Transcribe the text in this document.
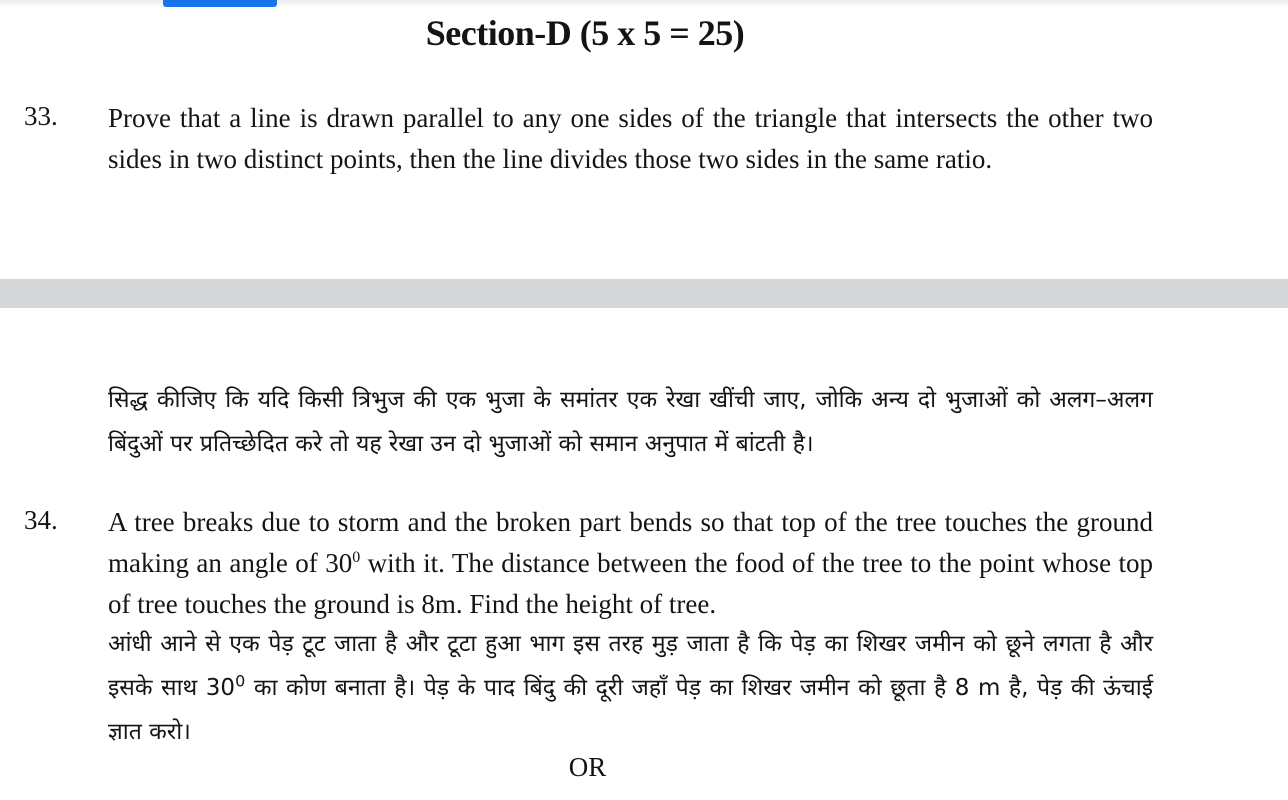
Section-D (5 x 5 = 25)
33. Prove that a line is drawn parallel to any one sides of the triangle that intersects the other two sides in two distinct points, then the line divides those two sides in the same ratio.
सिद्ध कीजिए कि यदि किसी त्रिभुज की एक भुजा के समांतर एक रेखा खींची जाए, जोकि अन्य दो भुजाओं को अलग–अलग बिंदुओं पर प्रतिच्छेदित करे तो यह रेखा उन दो भुजाओं को समान अनुपात में बांटती है।
34. A tree breaks due to storm and the broken part bends so that top of the tree touches the ground making an angle of $30^0$ with it. The distance between the food of the tree to the point whose top of tree touches the ground is 8m. Find the height of tree.
आंधी आने से एक पेड़ टूट जाता है और टूटा हुआ भाग इस तरह मुड़ जाता है कि पेड़ का शिखर जमीन को छूने लगता है और इसके साथ $30^0$ का कोण बनाता है। पेड़ के पाद बिंदु की दूरी जहाँ पेड़ का शिखर जमीन को छूता है 8 m है, पेड़ की ऊंचाई ज्ञात करो।
OR
